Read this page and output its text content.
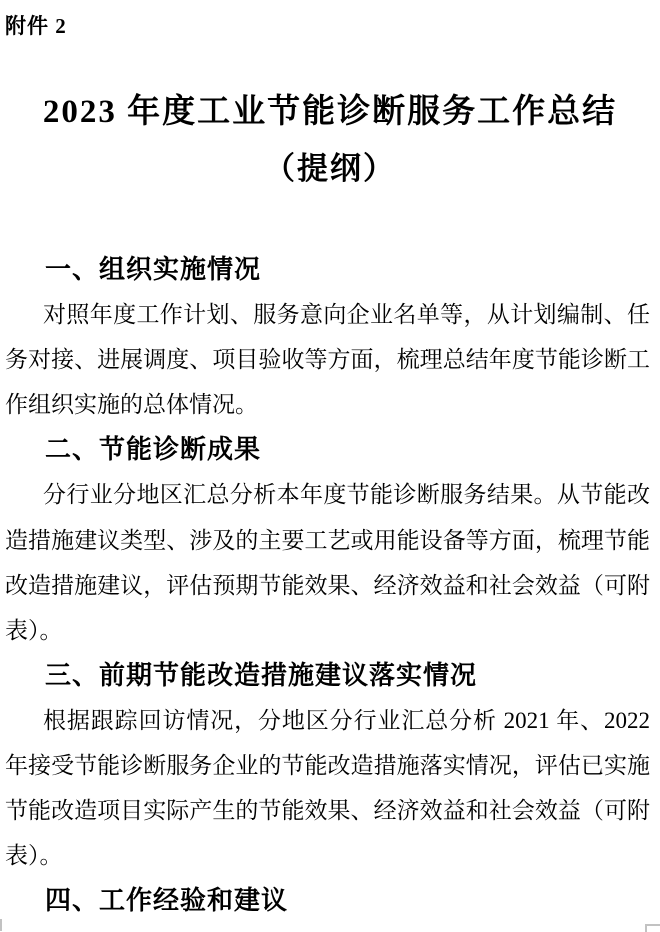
附件 2
2023 年度工业节能诊断服务工作总结
（提纲）
一、组织实施情况
对照年度工作计划、服务意向企业名单等，从计划编制、任
务对接、进展调度、项目验收等方面，梳理总结年度节能诊断工
作组织实施的总体情况。
二、节能诊断成果
分行业分地区汇总分析本年度节能诊断服务结果。从节能改
造措施建议类型、涉及的主要工艺或用能设备等方面，梳理节能
改造措施建议，评估预期节能效果、经济效益和社会效益（可附
表）。
三、前期节能改造措施建议落实情况
根据跟踪回访情况，分地区分行业汇总分析 2021 年、2022
年接受节能诊断服务企业的节能改造措施落实情况，评估已实施
节能改造项目实际产生的节能效果、经济效益和社会效益（可附
表）。
四、工作经验和建议
